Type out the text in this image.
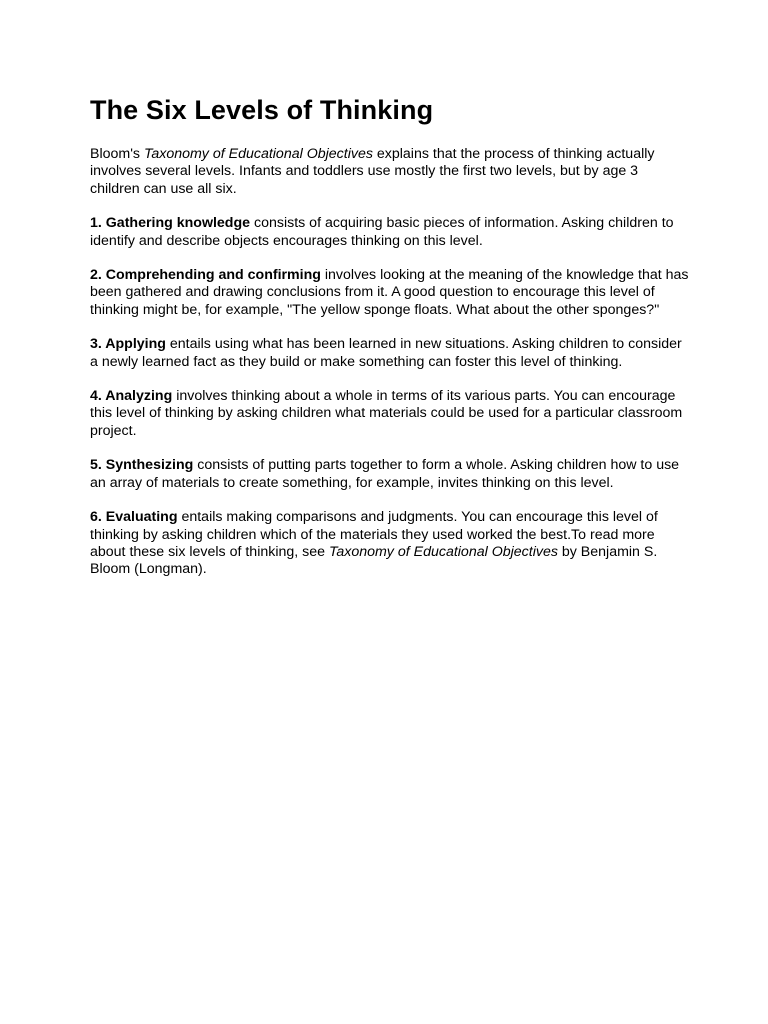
The Six Levels of Thinking

Bloom's Taxonomy of Educational Objectives explains that the process of thinking actually involves several levels. Infants and toddlers use mostly the first two levels, but by age 3 children can use all six.

1. Gathering knowledge consists of acquiring basic pieces of information. Asking children to identify and describe objects encourages thinking on this level.

2. Comprehending and confirming involves looking at the meaning of the knowledge that has been gathered and drawing conclusions from it. A good question to encourage this level of thinking might be, for example, "The yellow sponge floats. What about the other sponges?"

3. Applying entails using what has been learned in new situations. Asking children to consider a newly learned fact as they build or make something can foster this level of thinking.

4. Analyzing involves thinking about a whole in terms of its various parts. You can encourage this level of thinking by asking children what materials could be used for a particular classroom project.

5. Synthesizing consists of putting parts together to form a whole. Asking children how to use an array of materials to create something, for example, invites thinking on this level.

6. Evaluating entails making comparisons and judgments. You can encourage this level of thinking by asking children which of the materials they used worked the best.To read more about these six levels of thinking, see Taxonomy of Educational Objectives by Benjamin S. Bloom (Longman).
